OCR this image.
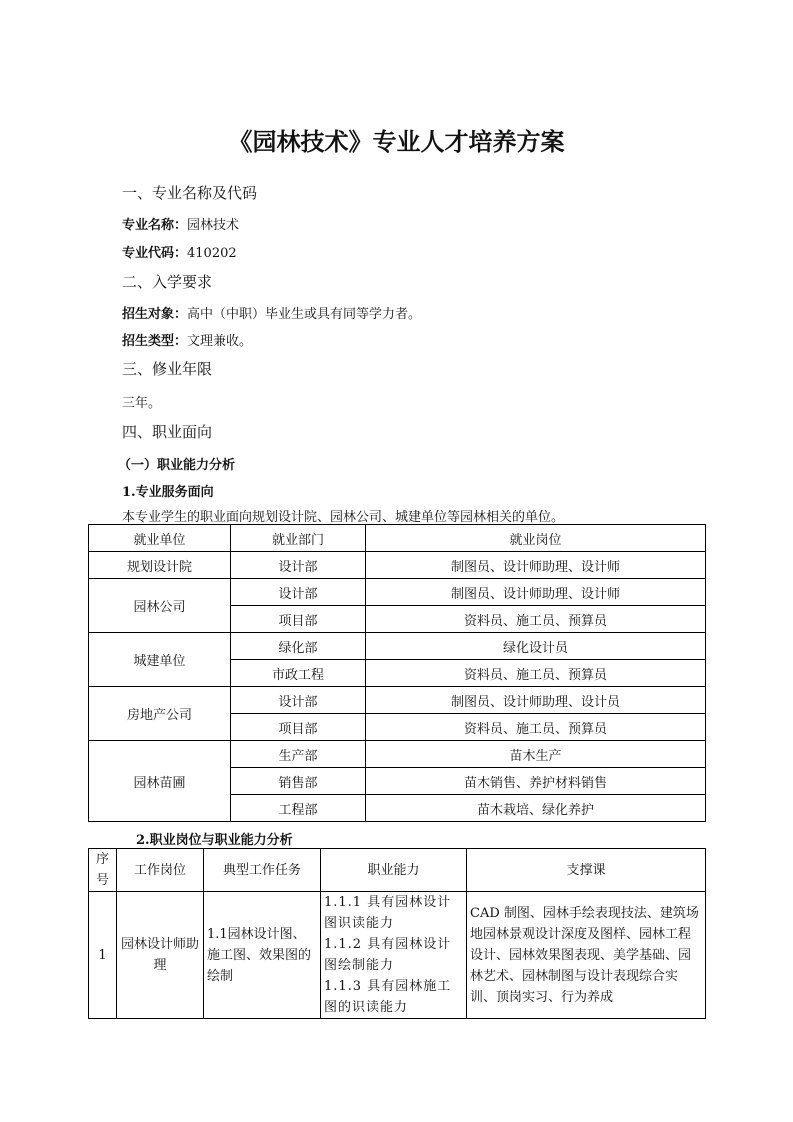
《园林技术》专业人才培养方案
一、专业名称及代码
专业名称：园林技术
专业代码：410202
二、入学要求
招生对象：高中（中职）毕业生或具有同等学力者。
招生类型：文理兼收。
三、修业年限
三年。
四、职业面向
（一）职业能力分析
1.专业服务面向
本专业学生的职业面向规划设计院、园林公司、城建单位等园林相关的单位。
就业单位	就业部门	就业岗位
规划设计院	设计部	制图员、设计师助理、设计师
园林公司	设计部	制图员、设计师助理、设计师
	项目部	资料员、施工员、预算员
城建单位	绿化部	绿化设计员
	市政工程	资料员、施工员、预算员
房地产公司	设计部	制图员、设计师助理、设计员
	项目部	资料员、施工员、预算员
园林苗圃	生产部	苗木生产
	销售部	苗木销售、养护材料销售
	工程部	苗木栽培、绿化养护
2.职业岗位与职业能力分析
序号	工作岗位	典型工作任务	职业能力	支撑课
1	园林设计师助理	1.1园林设计图、施工图、效果图的绘制	1.1.1 具有园林设计图识读能力
1.1.2 具有园林设计图绘制能力
1.1.3 具有园林施工图的识读能力	CAD 制图、园林手绘表现技法、建筑场地园林景观设计深度及图样、园林工程设计、园林效果图表现、美学基础、园林艺术、园林制图与设计表现综合实训、顶岗实习、行为养成
